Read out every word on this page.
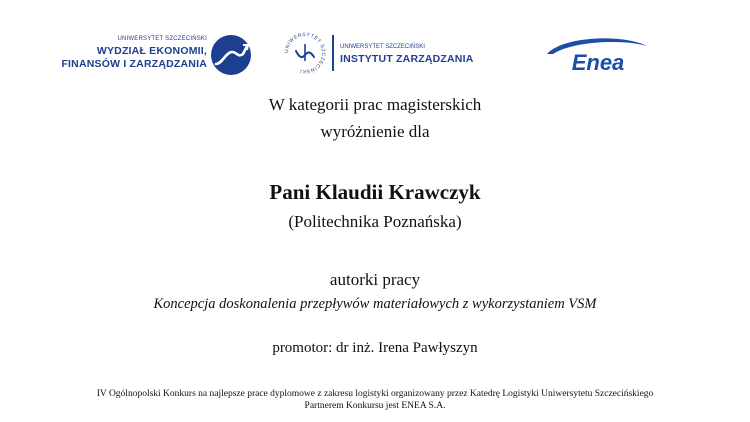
UNIWERSYTET SZCZECIŃSKI
WYDZIAŁ EKONOMII,
FINANSÓW I ZARZĄDZANIA
UNIWERSYTET SZCZECIŃSKI
UNIWERSYTET SZCZECIŃSKI
INSTYTUT ZARZĄDZANIA	Enea
W kategorii prac magisterskich
wyróżnienie dla
Pani Klaudii Krawczyk
(Politechnika Poznańska)
autorki pracy
Koncepcja doskonalenia przepływów materiałowych z wykorzystaniem VSM
promotor: dr inż. Irena Pawłyszyn
IV Ogólnopolski Konkurs na najlepsze prace dyplomowe z zakresu logistyki organizowany przez Katedrę Logistyki Uniwersytetu Szczecińskiego
Partnerem Konkursu jest ENEA S.A.
